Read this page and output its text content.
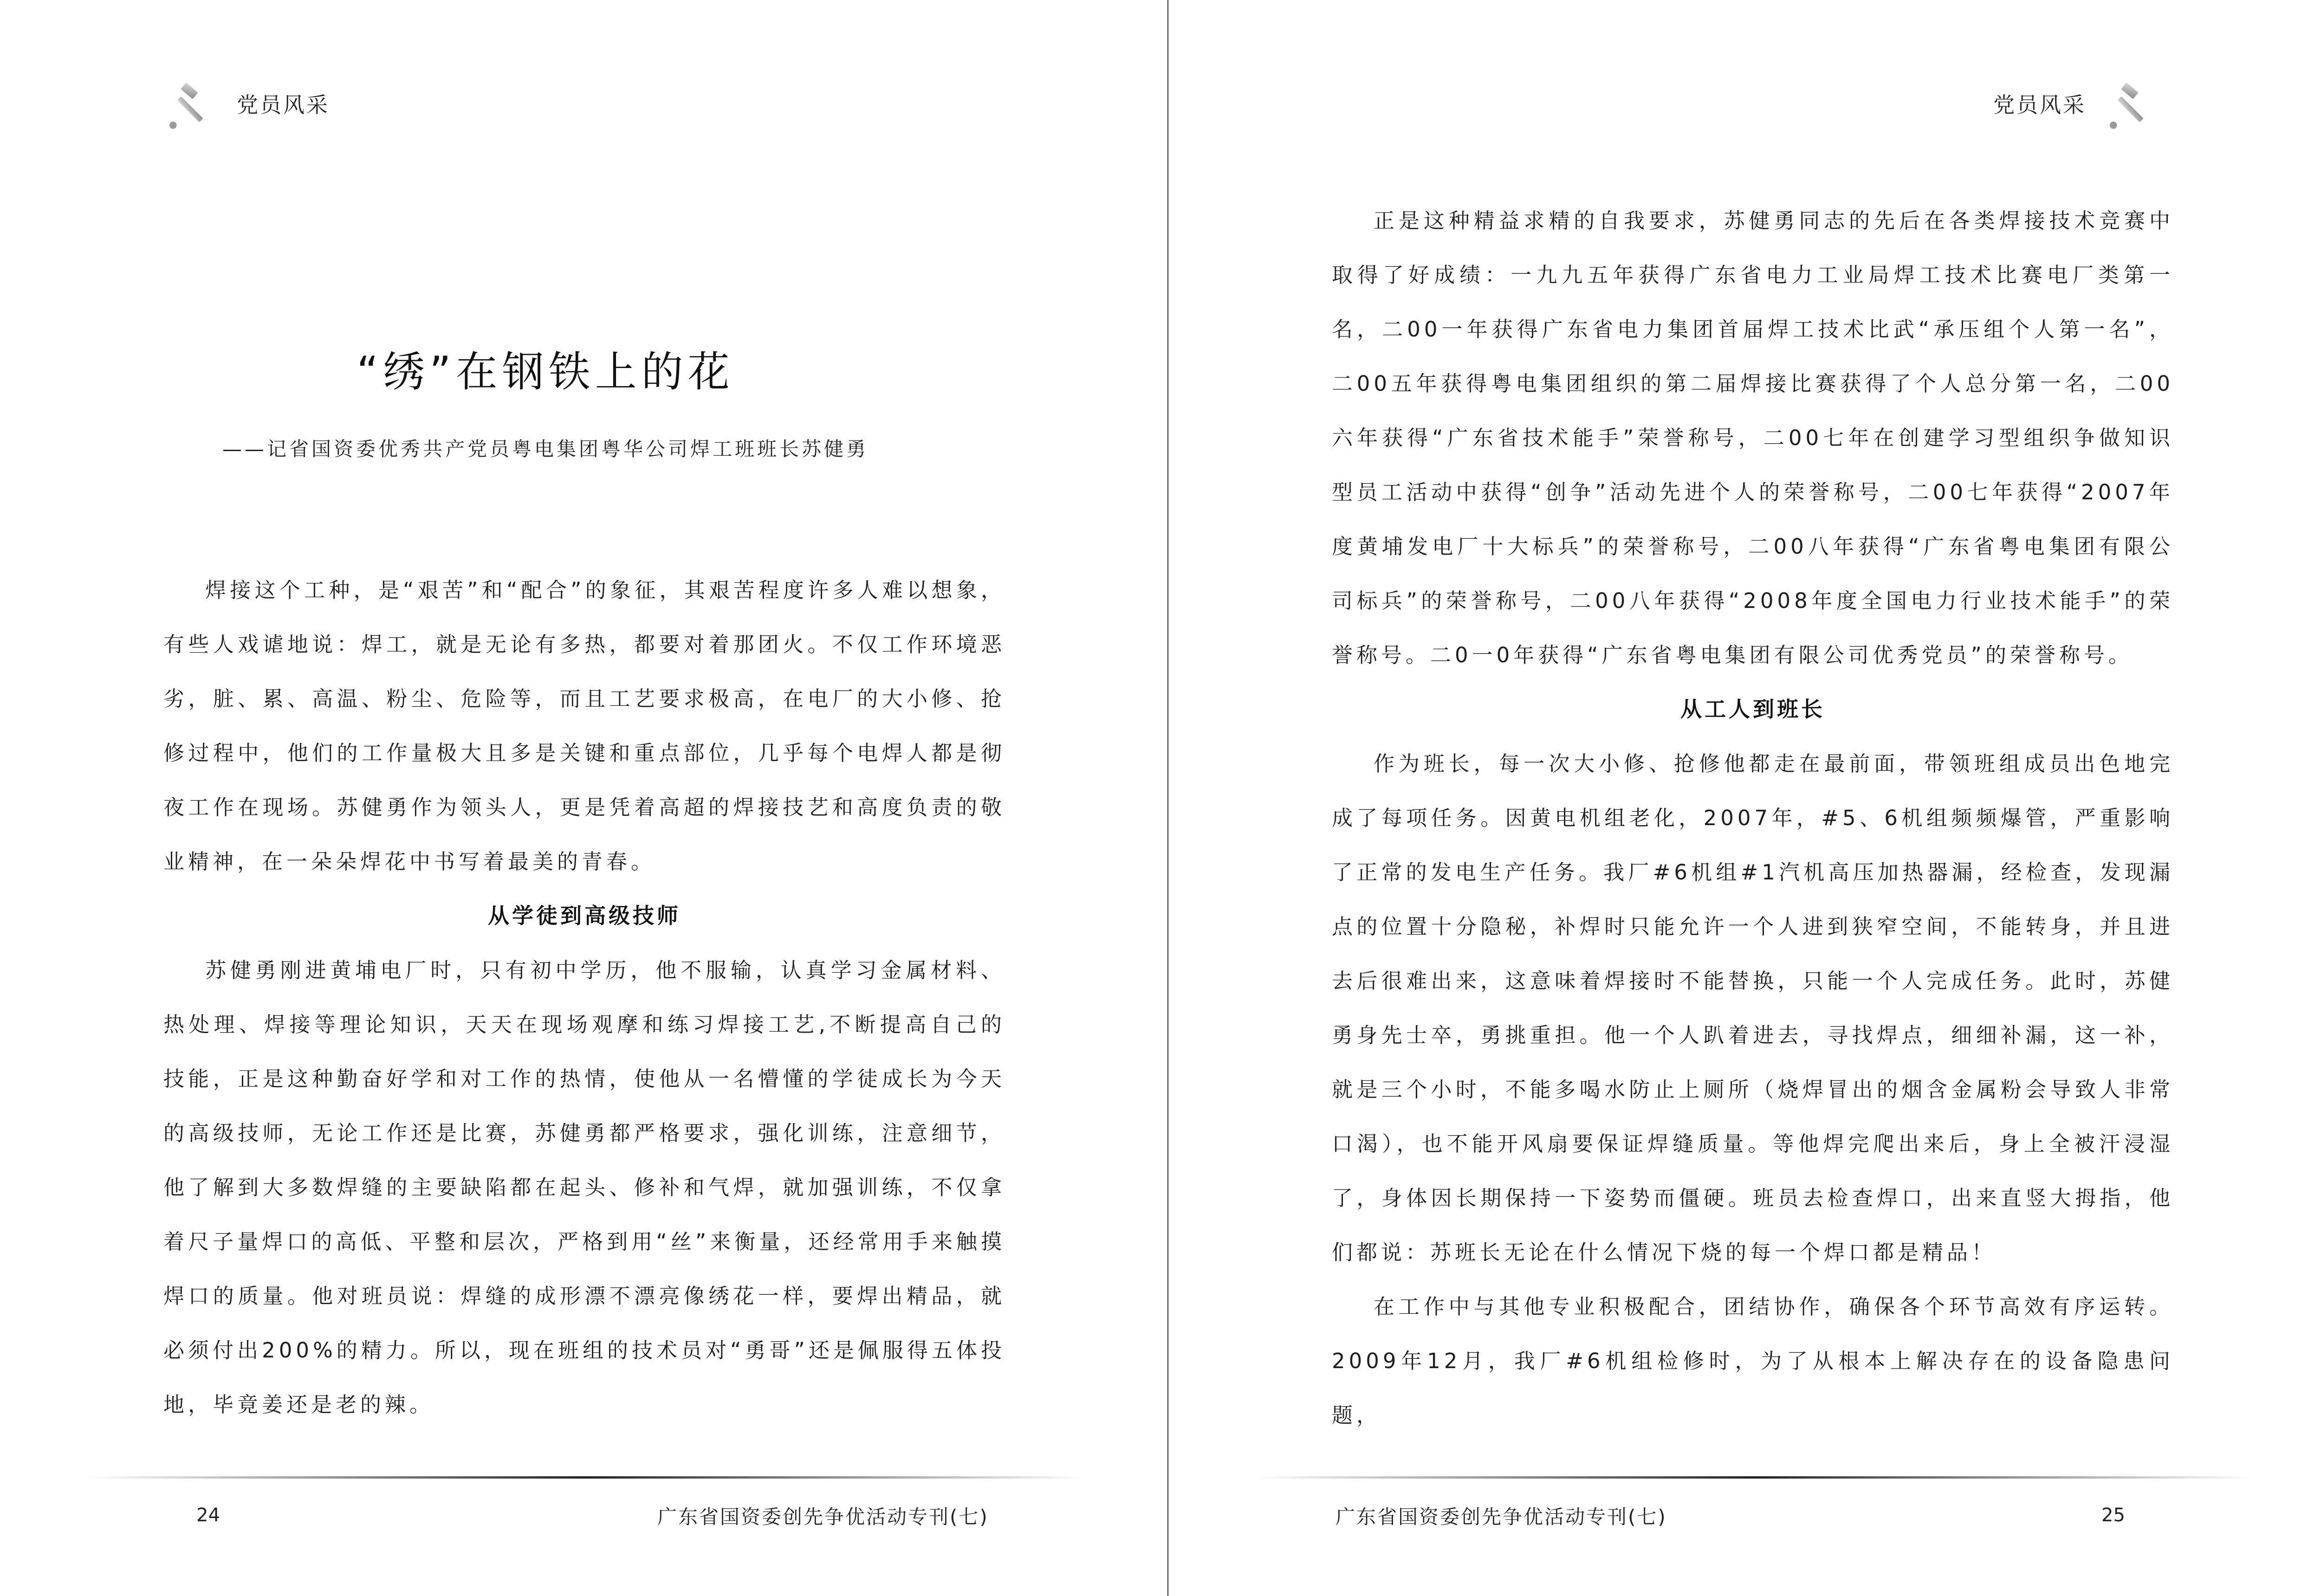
党员风采
“绣”在钢铁上的花
——记省国资委优秀共产党员粤电集团粤华公司焊工班班长苏健勇

焊接这个工种，是“艰苦”和“配合”的象征，其艰苦程度许多人难以想象，有些人戏谑地说：焊工，就是无论有多热，都要对着那团火。不仅工作环境恶劣，脏、累、高温、粉尘、危险等，而且工艺要求极高，在电厂的大小修、抢修过程中，他们的工作量极大且多是关键和重点部位，几乎每个电焊人都是彻夜工作在现场。苏健勇作为领头人，更是凭着高超的焊接技艺和高度负责的敬业精神，在一朵朵焊花中书写着最美的青春。

从学徒到高级技师

苏健勇刚进黄埔电厂时，只有初中学历，他不服输，认真学习金属材料、热处理、焊接等理论知识，天天在现场观摩和练习焊接工艺,不断提高自己的技能，正是这种勤奋好学和对工作的热情，使他从一名懵懂的学徒成长为今天的高级技师，无论工作还是比赛，苏健勇都严格要求，强化训练，注意细节，他了解到大多数焊缝的主要缺陷都在起头、修补和气焊，就加强训练，不仅拿着尺子量焊口的高低、平整和层次，严格到用“丝”来衡量，还经常用手来触摸焊口的质量。他对班员说：焊缝的成形漂不漂亮像绣花一样，要焊出精品，就必须付出200%的精力。所以，现在班组的技术员对“勇哥”还是佩服得五体投地，毕竟姜还是老的辣。

24	广东省国资委创先争优活动专刊(七)
党员风采

正是这种精益求精的自我要求，苏健勇同志的先后在各类焊接技术竞赛中取得了好成绩：一九九五年获得广东省电力工业局焊工技术比赛电厂类第一名，二00一年获得广东省电力集团首届焊工技术比武“承压组个人第一名”，二00五年获得粤电集团组织的第二届焊接比赛获得了个人总分第一名，二00六年获得“广东省技术能手”荣誉称号，二00七年在创建学习型组织争做知识型员工活动中获得“创争”活动先进个人的荣誉称号，二00七年获得“2007年度黄埔发电厂十大标兵”的荣誉称号，二00八年获得“广东省粤电集团有限公司标兵”的荣誉称号，二00八年获得“2008年度全国电力行业技术能手”的荣誉称号。二0一0年获得“广东省粤电集团有限公司优秀党员”的荣誉称号。

从工人到班长

作为班长，每一次大小修、抢修他都走在最前面，带领班组成员出色地完成了每项任务。因黄电机组老化，2007年，#5、6机组频频爆管，严重影响了正常的发电生产任务。我厂#6机组#1汽机高压加热器漏，经检查，发现漏点的位置十分隐秘，补焊时只能允许一个人进到狭窄空间，不能转身，并且进去后很难出来，这意味着焊接时不能替换，只能一个人完成任务。此时，苏健勇身先士卒，勇挑重担。他一个人趴着进去，寻找焊点，细细补漏，这一补，就是三个小时，不能多喝水防止上厕所（烧焊冒出的烟含金属粉会导致人非常口渴），也不能开风扇要保证焊缝质量。等他焊完爬出来后，身上全被汗浸湿了，身体因长期保持一下姿势而僵硬。班员去检查焊口，出来直竖大拇指，他们都说：苏班长无论在什么情况下烧的每一个焊口都是精品！

在工作中与其他专业积极配合，团结协作，确保各个环节高效有序运转。2009年12月，我厂#6机组检修时，为了从根本上解决存在的设备隐患问题，

广东省国资委创先争优活动专刊(七)	25
